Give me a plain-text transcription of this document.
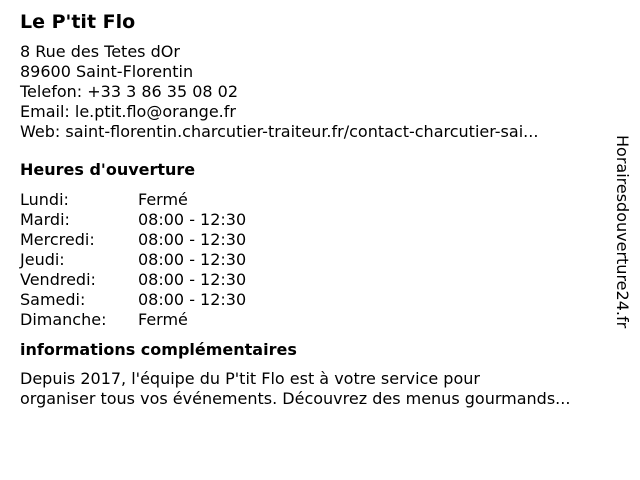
Le P'tit Flo
8 Rue des Tetes dOr
89600 Saint-Florentin
Telefon: +33 3 86 35 08 02
Email: le.ptit.flo@orange.fr
Web: saint-florentin.charcutier-traiteur.fr/contact-charcutier-sai...
Heures d'ouverture
Lundi:	Fermé
Mardi:	08:00 - 12:30
Mercredi:	08:00 - 12:30
Jeudi:	08:00 - 12:30
Vendredi:	08:00 - 12:30
Samedi:	08:00 - 12:30
Dimanche:	Fermé
informations complémentaires
Depuis 2017, l'équipe du P'tit Flo est à votre service pour
organiser tous vos événements. Découvrez des menus gourmands...
Horairesdouverture24.fr
